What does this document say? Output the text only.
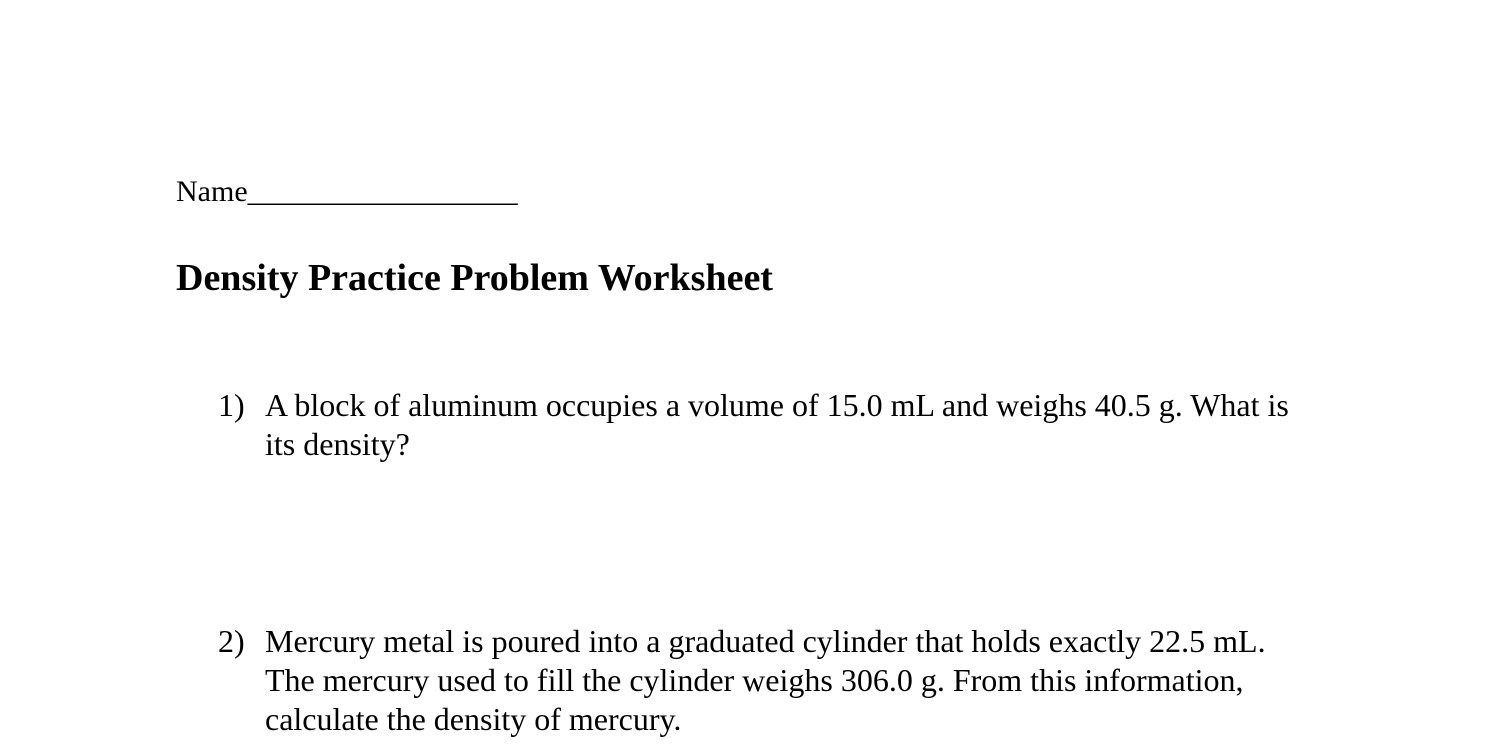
Name__________________
Density Practice Problem Worksheet
1) A block of aluminum occupies a volume of 15.0 mL and weighs 40.5 g. What is its density?
2) Mercury metal is poured into a graduated cylinder that holds exactly 22.5 mL. The mercury used to fill the cylinder weighs 306.0 g. From this information, calculate the density of mercury.
